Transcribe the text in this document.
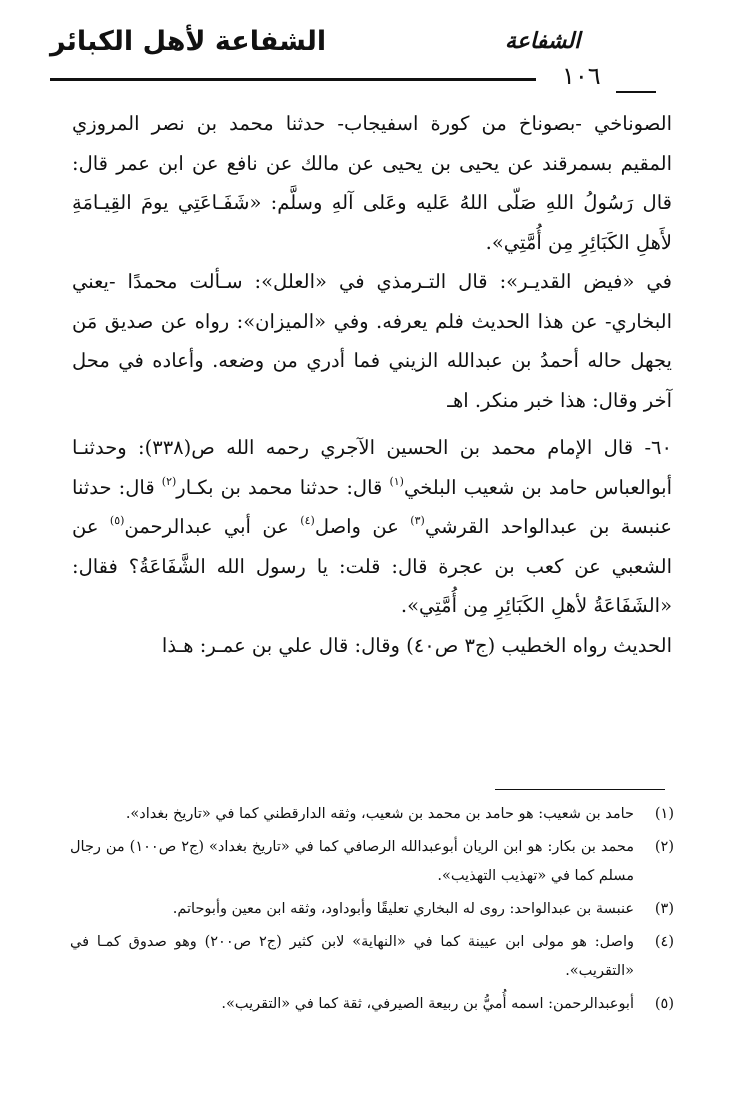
الشفاعة لأهل الكبائر	الشفاعة
١٠٦

الصوناخي -بصوناخ من كورة اسفيجاب- حدثنا محمد بن نصر المروزي المقيم بسمرقند عن يحيى بن يحيى عن مالك عن نافع عن ابن عمر قال: قال رَسُولُ اللهِ صَلّى اللهُ عَليه وعَلى آلهِ وسلَّم: «شَفَـاعَتِي يومَ القِيـامَةِ لأَهلِ الكَبَائِرِ مِن أُمَّتِي».

في «فيض القديـر»: قال التـرمذي في «العلل»: سـألت محمدًا -يعني البخاري- عن هذا الحديث فلم يعرفه. وفي «الميزان»: رواه عن صديق مَن يجهل حاله أحمدُ بن عبدالله الزيني فما أدري من وضعه. وأعاده في محل آخر وقال: هذا خبر منكر. اهـ

٦٠- قال الإمام محمد بن الحسين الآجري رحمه الله ص(٣٣٨): وحدثنـا أبوالعباس حامد بن شعيب البلخي$^{(١)}$ قال: حدثنا محمد بن بكـار$^{(٢)}$ قال: حدثنا عنبسة بن عبدالواحد القرشي$^{(٣)}$ عن واصل$^{(٤)}$ عن أبي عبدالرحمن$^{(٥)}$ عن الشعبي عن كعب بن عجرة قال: قلت: يا رسول الله الشَّفَاعَةُ؟ فقال: «الشَفَاعَةُ لأهلِ الكَبَائِرِ مِن أُمَّتِي».

الحديث رواه الخطيب (ج٣ ص٤٠) وقال: قال علي بن عمـر: هـذا

(١)
حامد بن شعيب: هو حامد بن محمد بن شعيب، وثقه الدارقطني كما في «تاريخ بغداد».
(٢)
محمد بن بكار: هو ابن الريان أبوعبدالله الرصافي كما في «تاريخ بغداد» (ج٢ ص١٠٠) من رجال مسلم كما في «تهذيب التهذيب».
(٣)
عنبسة بن عبدالواحد: روى له البخاري تعليقًا وأبوداود، وثقه ابن معين وأبوحاتم.
(٤)
واصل: هو مولى ابن عيينة كما في «النهاية» لابن كثير (ج٢ ص٢٠٠) وهو صدوق كمـا في «التقريب».
(٥)
أبوعبدالرحمن: اسمه أُميُّ بن ربيعة الصيرفي، ثقة كما في «التقريب».
